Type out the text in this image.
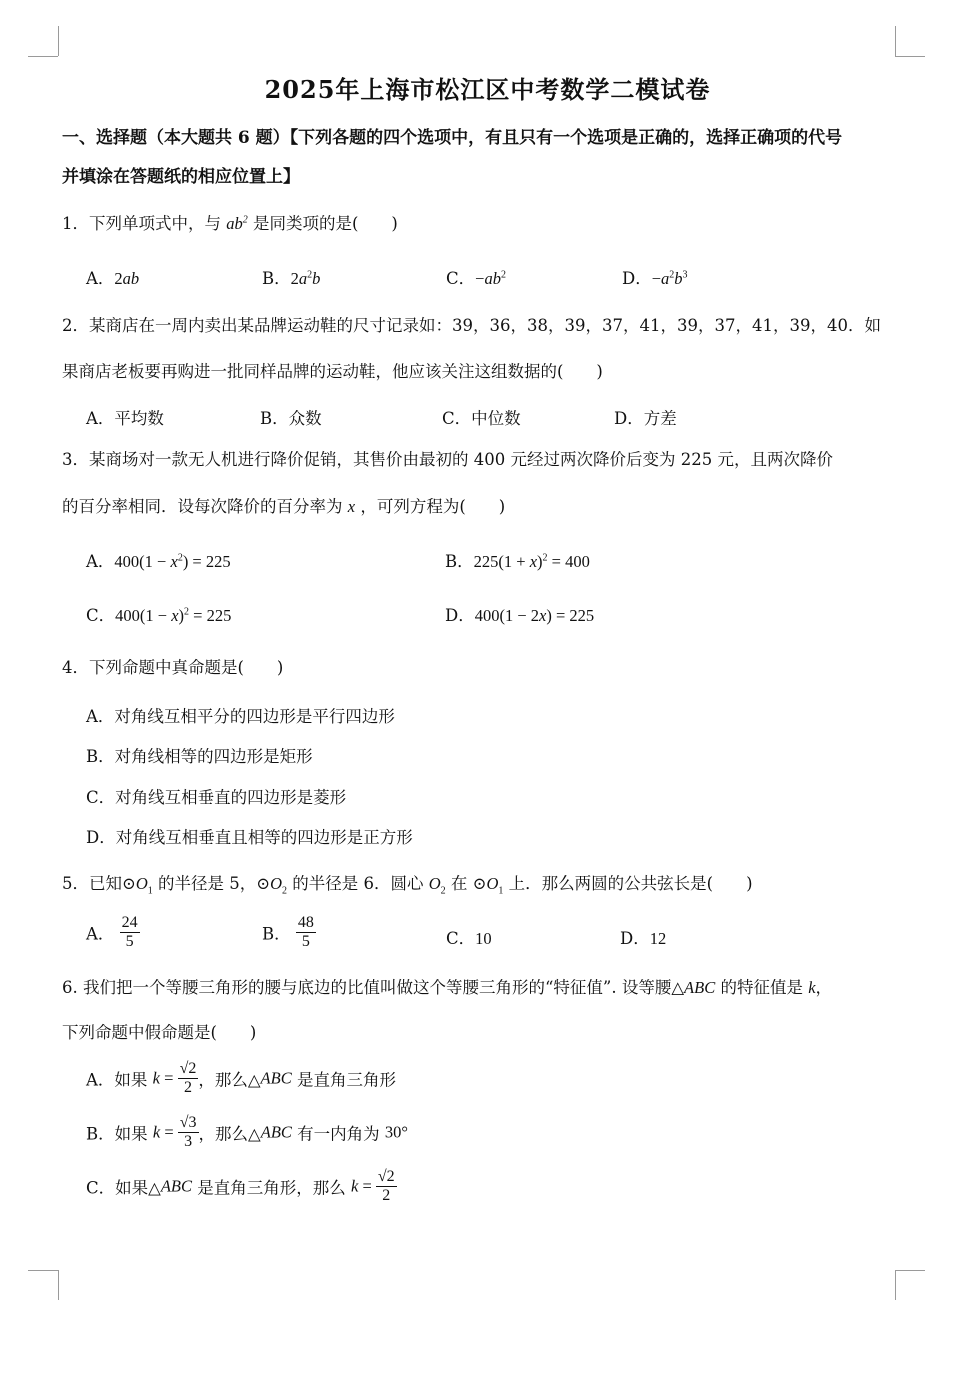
2025年上海市松江区中考数学二模试卷
一、选择题（本大题共 6 题）【下列各题的四个选项中，有且只有一个选项是正确的，选择正确项的代号
并填涂在答题纸的相应位置上】
1．下列单项式中，与 $ab^2$ 是同类项的是(　　)
A．2ab	B．$2a^2b$	C．$-ab^2$	D．$-a^2b^3$
2．某商店在一周内卖出某品牌运动鞋的尺寸记录如：39，36，38，39，37，41，39，37，41，39，40．如
果商店老板要再购进一批同样品牌的运动鞋，他应该关注这组数据的(　　)
A．平均数	B．众数	C．中位数	D．方差
3．某商场对一款无人机进行降价促销，其售价由最初的 400 元经过两次降价后变为 225 元，且两次降价
的百分率相同．设每次降价的百分率为 x ，可列方程为(　　)
A．$400(1 - x^2) = 225$	B．$225(1 + x)^2 = 400$
C．$400(1 - x)^2 = 225$	D．400(1 − 2x) = 225
4．下列命题中真命题是(　　)
A．对角线互相平分的四边形是平行四边形
B．对角线相等的四边形是矩形
C．对角线互相垂直的四边形是菱形
D．对角线互相垂直且相等的四边形是正方形
5．已知$⊙O_1$ 的半径是 5，$⊙O_2$ 的半径是 6．圆心 $O_2$ 在 $⊙O_1$ 上．那么两圆的公共弦长是(　　)
A． $\frac{24}{5}$	B． $\frac{48}{5}$	C．10	D．12
6. 我们把一个等腰三角形的腰与底边的比值叫做这个等腰三角形的“特征值”. 设等腰△ABC 的特征值是 k，
下列命题中假命题是(　　)
A．如果 $k = \frac{√2}{2}$ ，那么△ABC 是直角三角形
B．如果 $k = \frac{√3}{3}$ ，那么△ABC 有一内角为 30°
C．如果△ABC 是直角三角形，那么 $k = \frac{√2}{2}$
